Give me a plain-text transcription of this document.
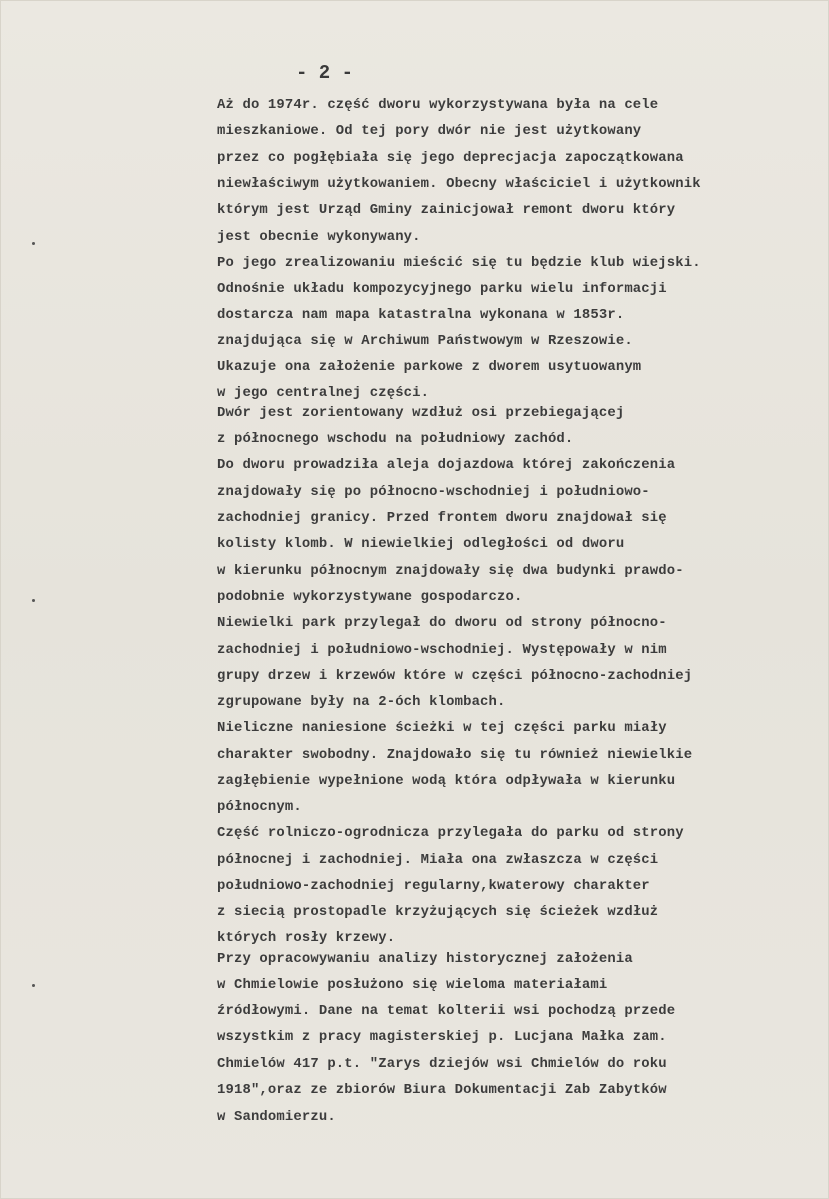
- 2 -
Aż do 1974r. część dworu wykorzystywana była na cele
mieszkaniowe. Od tej pory dwór nie jest użytkowany
przez co pogłębiała się jego deprecjacja zapoczątkowana
niewłaściwym użytkowaniem. Obecny właściciel i użytkownik
którym jest Urząd Gminy zainicjował remont dworu który
jest obecnie wykonywany.
Po jego zrealizowaniu mieścić się tu będzie klub wiejski.
Odnośnie układu kompozycyjnego parku wielu informacji
dostarcza nam mapa katastralna wykonana w 1853r.
znajdująca się w Archiwum Państwowym w Rzeszowie.
Ukazuje ona założenie parkowe z dworem usytuowanym
w jego centralnej części.
Dwór jest zorientowany wzdłuż osi przebiegającej
z północnego wschodu na południowy zachód.
Do dworu prowadziła aleja dojazdowa której zakończenia
znajdowały się po północno-wschodniej i południowo-
zachodniej granicy. Przed frontem dworu znajdował się
kolisty klomb. W niewielkiej odległości od dworu
w kierunku północnym znajdowały się dwa budynki prawdo-
podobnie wykorzystywane gospodarczo.
Niewielki park przylegał do dworu od strony północno-
zachodniej i południowo-wschodniej. Występowały w nim
grupy drzew i krzewów które w części północno-zachodniej
zgrupowane były na 2-óch klombach.
Nieliczne naniesione ścieżki w tej części parku miały
charakter swobodny. Znajdowało się tu również niewielkie
zagłębienie wypełnione wodą która odpływała w kierunku
północnym.
Część rolniczo-ogrodnicza przylegała do parku od strony
północnej i zachodniej. Miała ona zwłaszcza w części
południowo-zachodniej regularny,kwaterowy charakter
z siecią prostopadle krzyżujących się ścieżek wzdłuż
których rosły krzewy.
Przy opracowywaniu analizy historycznej założenia
w Chmielowie posłużono się wieloma materiałami
źródłowymi. Dane na temat kolterii wsi pochodzą przede
wszystkim z pracy magisterskiej p. Lucjana Małka zam.
Chmielów 417 p.t. "Zarys dziejów wsi Chmielów do roku
1918",oraz ze zbiorów Biura Dokumentacji Zab Zabytków
w Sandomierzu.
